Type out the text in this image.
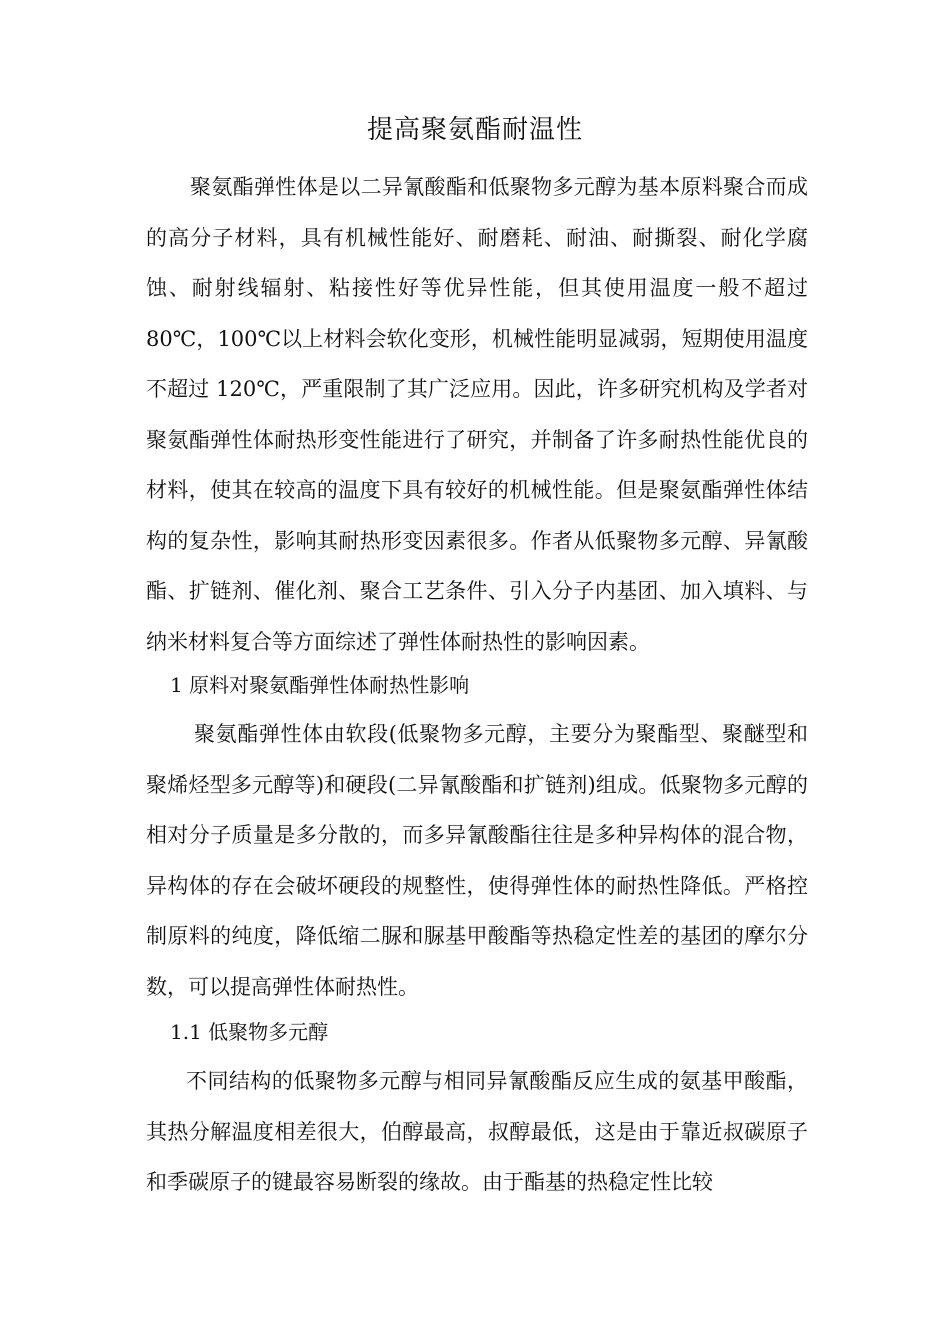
提高聚氨酯耐温性

聚氨酯弹性体是以二异氰酸酯和低聚物多元醇为基本原料聚合而成的高分子材料，具有机械性能好、耐磨耗、耐油、耐撕裂、耐化学腐蚀、耐射线辐射、粘接性好等优异性能，但其使用温度一般不超过 80℃，100℃以上材料会软化变形，机械性能明显减弱，短期使用温度不超过 120℃，严重限制了其广泛应用。因此，许多研究机构及学者对聚氨酯弹性体耐热形变性能进行了研究，并制备了许多耐热性能优良的材料，使其在较高的温度下具有较好的机械性能。但是聚氨酯弹性体结构的复杂性，影响其耐热形变因素很多。作者从低聚物多元醇、异氰酸酯、扩链剂、催化剂、聚合工艺条件、引入分子内基团、加入填料、与纳米材料复合等方面综述了弹性体耐热性的影响因素。

1 原料对聚氨酯弹性体耐热性影响

聚氨酯弹性体由软段(低聚物多元醇，主要分为聚酯型、聚醚型和聚烯烃型多元醇等)和硬段(二异氰酸酯和扩链剂)组成。低聚物多元醇的相对分子质量是多分散的，而多异氰酸酯往往是多种异构体的混合物，异构体的存在会破坏硬段的规整性，使得弹性体的耐热性降低。严格控制原料的纯度，降低缩二脲和脲基甲酸酯等热稳定性差的基团的摩尔分数，可以提高弹性体耐热性。

1.1 低聚物多元醇

不同结构的低聚物多元醇与相同异氰酸酯反应生成的氨基甲酸酯，其热分解温度相差很大，伯醇最高，叔醇最低，这是由于靠近叔碳原子和季碳原子的键最容易断裂的缘故。由于酯基的热稳定性比较
